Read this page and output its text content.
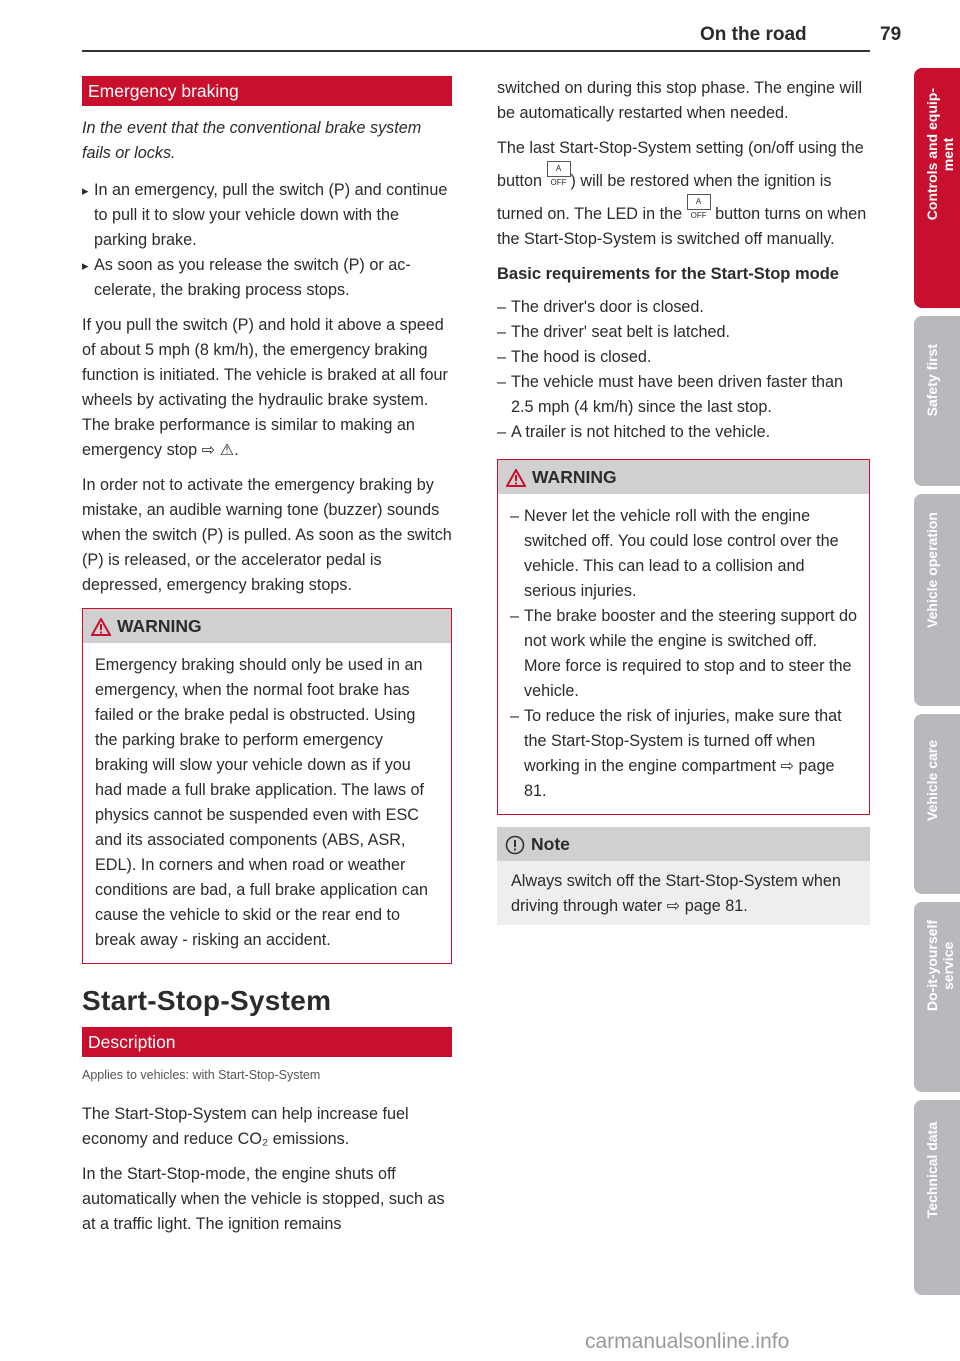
On the road	79
Emergency braking

In the event that the conventional brake system fails or locks.

▸ In an emergency, pull the switch (P) and continue to pull it to slow your vehicle down with the parking brake.
▸ As soon as you release the switch (P) or accelerate, the braking process stops.

If you pull the switch (P) and hold it above a speed of about 5 mph (8 km/h), the emergency braking function is initiated. The vehicle is braked at all four wheels by activating the hydraulic brake system. The brake performance is similar to making an emergency stop ⇨ ⚠.

In order not to activate the emergency braking by mistake, an audible warning tone (buzzer) sounds when the switch (P) is pulled. As soon as the switch (P) is released, or the accelerator pedal is depressed, emergency braking stops.

WARNING
Emergency braking should only be used in an emergency, when the normal foot brake has failed or the brake pedal is obstructed. Using the parking brake to perform emergency braking will slow your vehicle down as if you had made a full brake application. The laws of physics cannot be suspended even with ESC and its associated components (ABS, ASR, EDL). In corners and when road or weather conditions are bad, a full brake application can cause the vehicle to skid or the rear end to break away - risking an accident.
Start-Stop-System
Description
Applies to vehicles: with Start-Stop-System

The Start-Stop-System can help increase fuel economy and reduce CO₂ emissions.

In the Start-Stop-mode, the engine shuts off automatically when the vehicle is stopped, such as at a traffic light. The ignition remains

switched on during this stop phase. The engine will be automatically restarted when needed.

The last Start-Stop-System setting (on/off using the button A OFF ) will be restored when the ignition is turned on. The LED in the A OFF button turns on when the Start-Stop-System is switched off manually.

Basic requirements for the Start-Stop mode
– The driver's door is closed.
– The driver' seat belt is latched.
– The hood is closed.
– The vehicle must have been driven faster than 2.5 mph (4 km/h) since the last stop.
– A trailer is not hitched to the vehicle.
WARNING
– Never let the vehicle roll with the engine switched off. You could lose control over the vehicle. This can lead to a collision and serious injuries.
– The brake booster and the steering support do not work while the engine is switched off. More force is required to stop and to steer the vehicle.
– To reduce the risk of injuries, make sure that the Start-Stop-System is turned off when working in the engine compartment ⇨ page 81.
Note
Always switch off the Start-Stop-System when driving through water ⇨ page 81.
Controls and equip-
ment
Safety first
Vehicle operation
Vehicle care
Do-it-yourself
service
Technical data
carmanualsonline.info
